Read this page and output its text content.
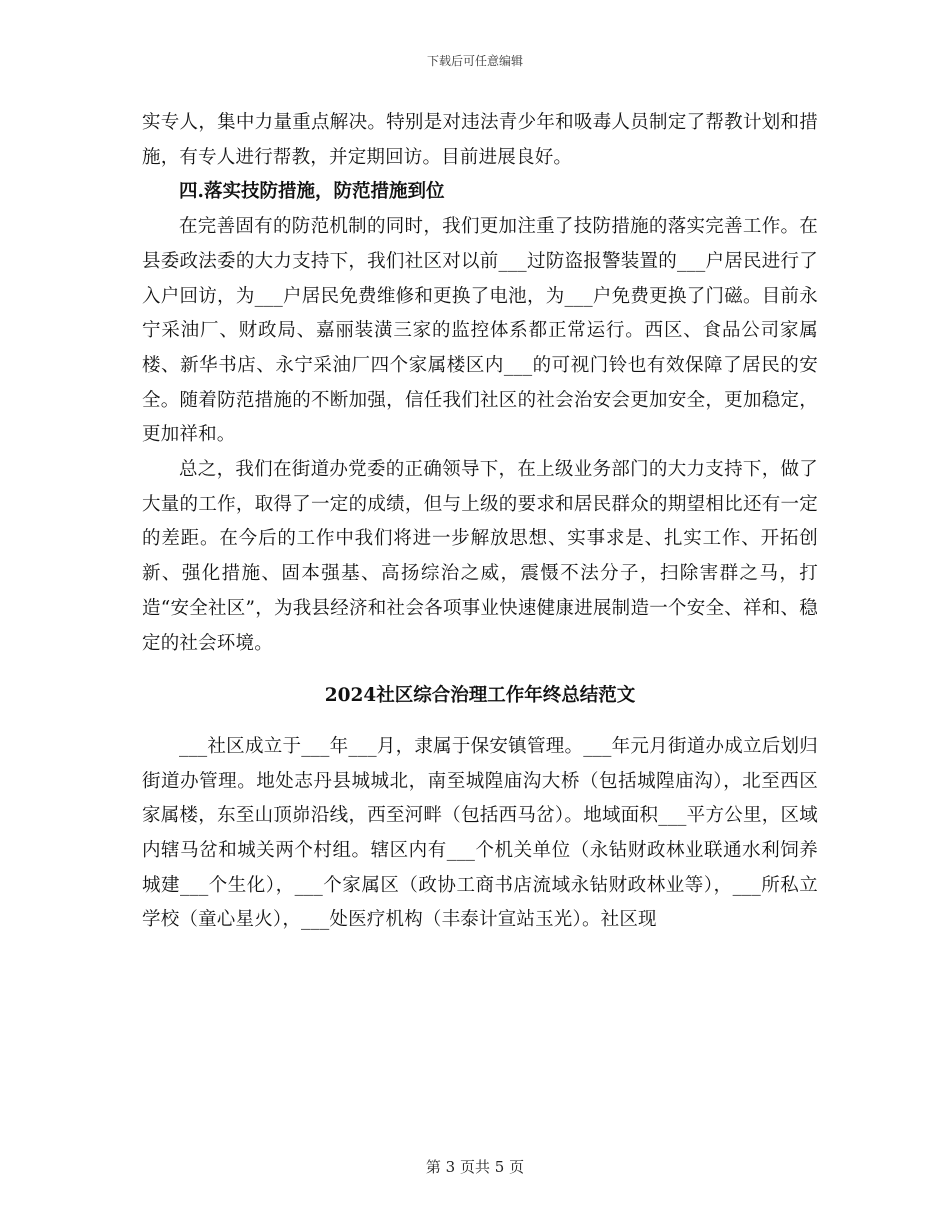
下载后可任意编辑

实专人，集中力量重点解决。特别是对违法青少年和吸毒人员制定了帮教计划和措施，有专人进行帮教，并定期回访。目前进展良好。

四.落实技防措施，防范措施到位

在完善固有的防范机制的同时，我们更加注重了技防措施的落实完善工作。在县委政法委的大力支持下，我们社区对以前___过防盗报警装置的___户居民进行了入户回访，为___户居民免费维修和更换了电池，为___户免费更换了门磁。目前永宁采油厂、财政局、嘉丽装潢三家的监控体系都正常运行。西区、食品公司家属楼、新华书店、永宁采油厂四个家属楼区内___的可视门铃也有效保障了居民的安全。随着防范措施的不断加强，信任我们社区的社会治安会更加安全，更加稳定，更加祥和。

总之，我们在街道办党委的正确领导下，在上级业务部门的大力支持下，做了大量的工作，取得了一定的成绩，但与上级的要求和居民群众的期望相比还有一定的差距。在今后的工作中我们将进一步解放思想、实事求是、扎实工作、开拓创新、强化措施、固本强基、高扬综治之威，震慑不法分子，扫除害群之马，打造“安全社区”，为我县经济和社会各项事业快速健康进展制造一个安全、祥和、稳定的社会环境。

2024社区综合治理工作年终总结范文

___社区成立于___年___月，隶属于保安镇管理。___年元月街道办成立后划归街道办管理。地处志丹县城城北，南至城隍庙沟大桥（包括城隍庙沟），北至西区家属楼，东至山顶峁沿线，西至河畔（包括西马岔）。地域面积___平方公里，区域内辖马岔和城关两个村组。辖区内有___个机关单位（永钻财政林业联通水利饲养城建___个生化），___个家属区（政协工商书店流域永钻财政林业等），___所私立学校（童心星火），___处医疗机构（丰泰计宣站玉光）。社区现

第 3 页共 5 页
